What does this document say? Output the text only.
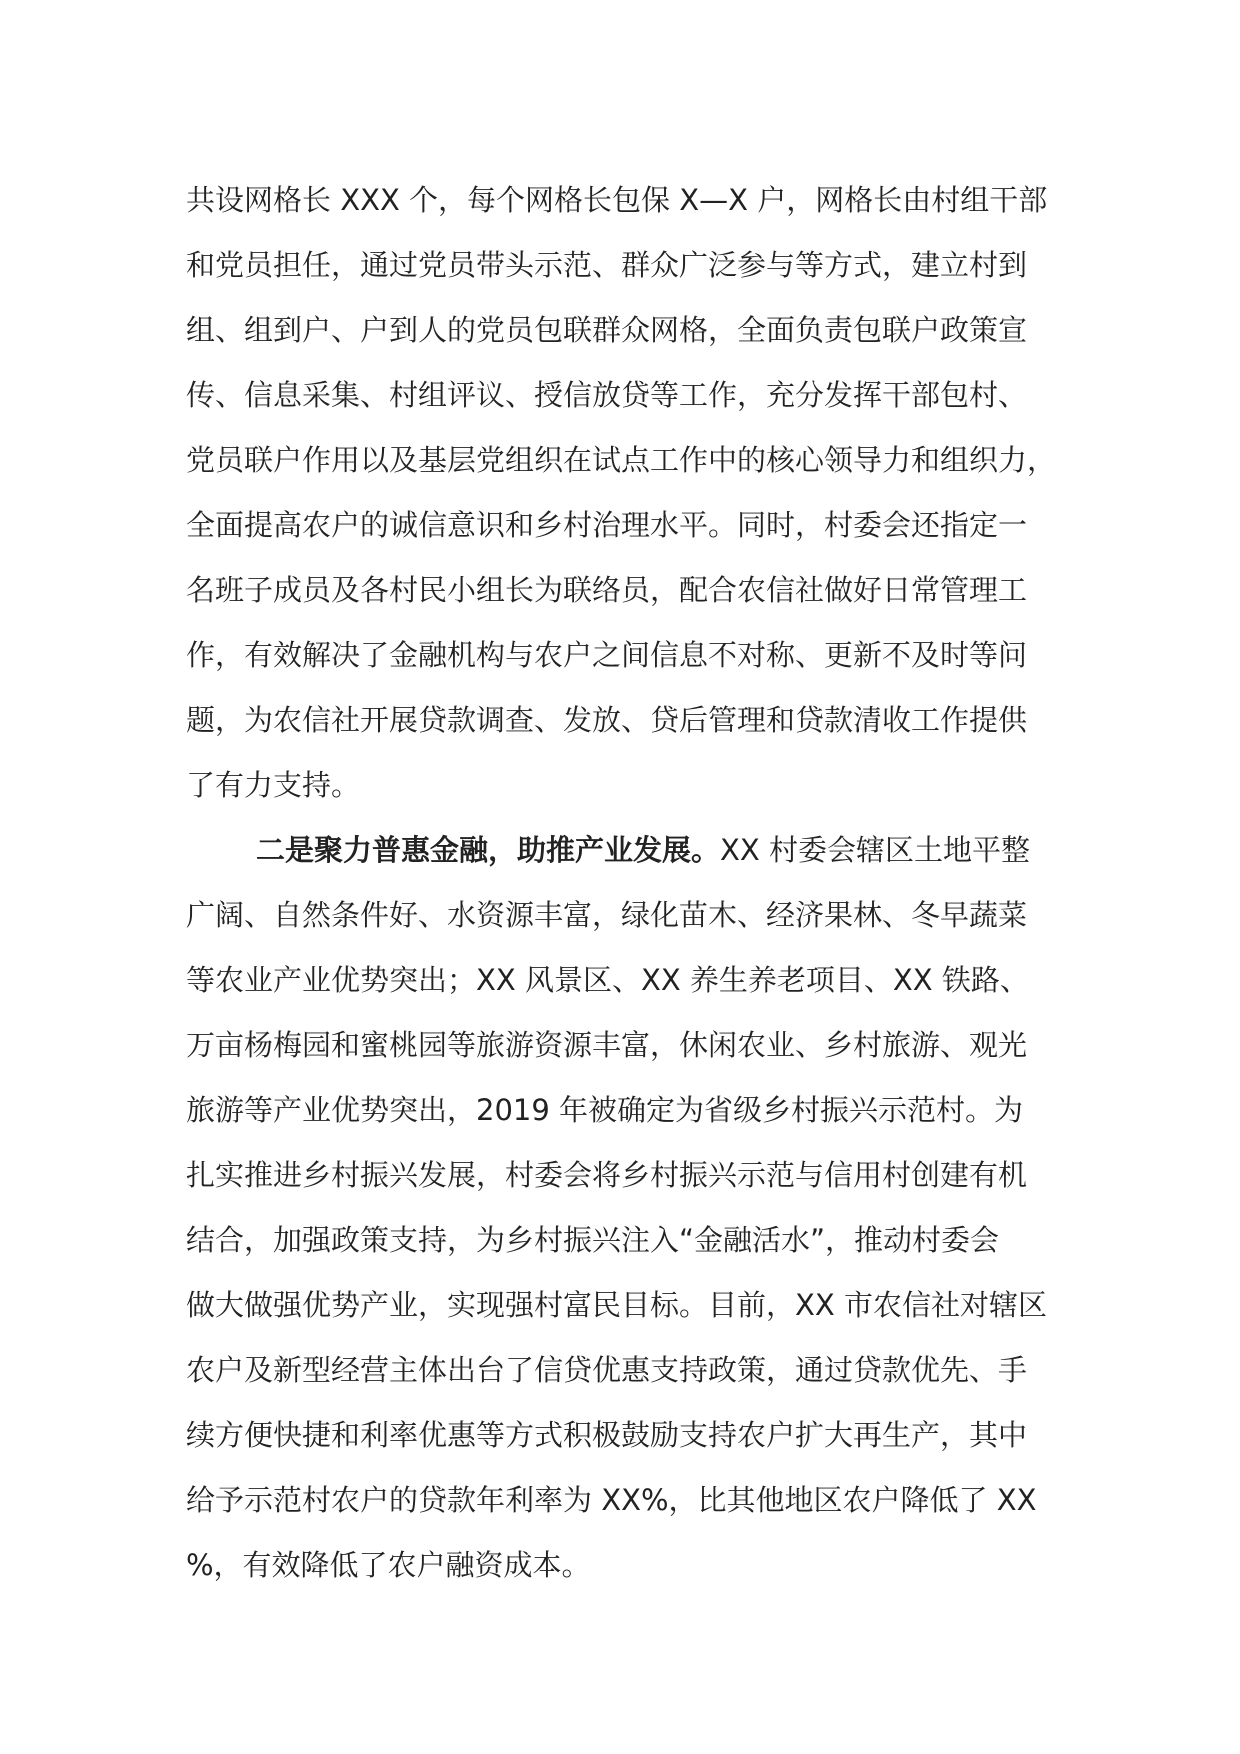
共设网格长 XXX 个，每个网格长包保 X—X 户，网格长由村组干部
和党员担任，通过党员带头示范、群众广泛参与等方式，建立村到
组、组到户、户到人的党员包联群众网格，全面负责包联户政策宣
传、信息采集、村组评议、授信放贷等工作，充分发挥干部包村、
党员联户作用以及基层党组织在试点工作中的核心领导力和组织力，
全面提高农户的诚信意识和乡村治理水平。同时，村委会还指定一
名班子成员及各村民小组长为联络员，配合农信社做好日常管理工
作，有效解决了金融机构与农户之间信息不对称、更新不及时等问
题，为农信社开展贷款调查、发放、贷后管理和贷款清收工作提供
了有力支持。
二是聚力普惠金融，助推产业发展。XX 村委会辖区土地平整
广阔、自然条件好、水资源丰富，绿化苗木、经济果林、冬早蔬菜
等农业产业优势突出；XX 风景区、XX 养生养老项目、XX 铁路、
万亩杨梅园和蜜桃园等旅游资源丰富，休闲农业、乡村旅游、观光
旅游等产业优势突出，2019 年被确定为省级乡村振兴示范村。为
扎实推进乡村振兴发展，村委会将乡村振兴示范与信用村创建有机
结合，加强政策支持，为乡村振兴注入“金融活水”，推动村委会
做大做强优势产业，实现强村富民目标。目前，XX 市农信社对辖区
农户及新型经营主体出台了信贷优惠支持政策，通过贷款优先、手
续方便快捷和利率优惠等方式积极鼓励支持农户扩大再生产，其中
给予示范村农户的贷款年利率为 XX%，比其他地区农户降低了 XX
%，有效降低了农户融资成本。
